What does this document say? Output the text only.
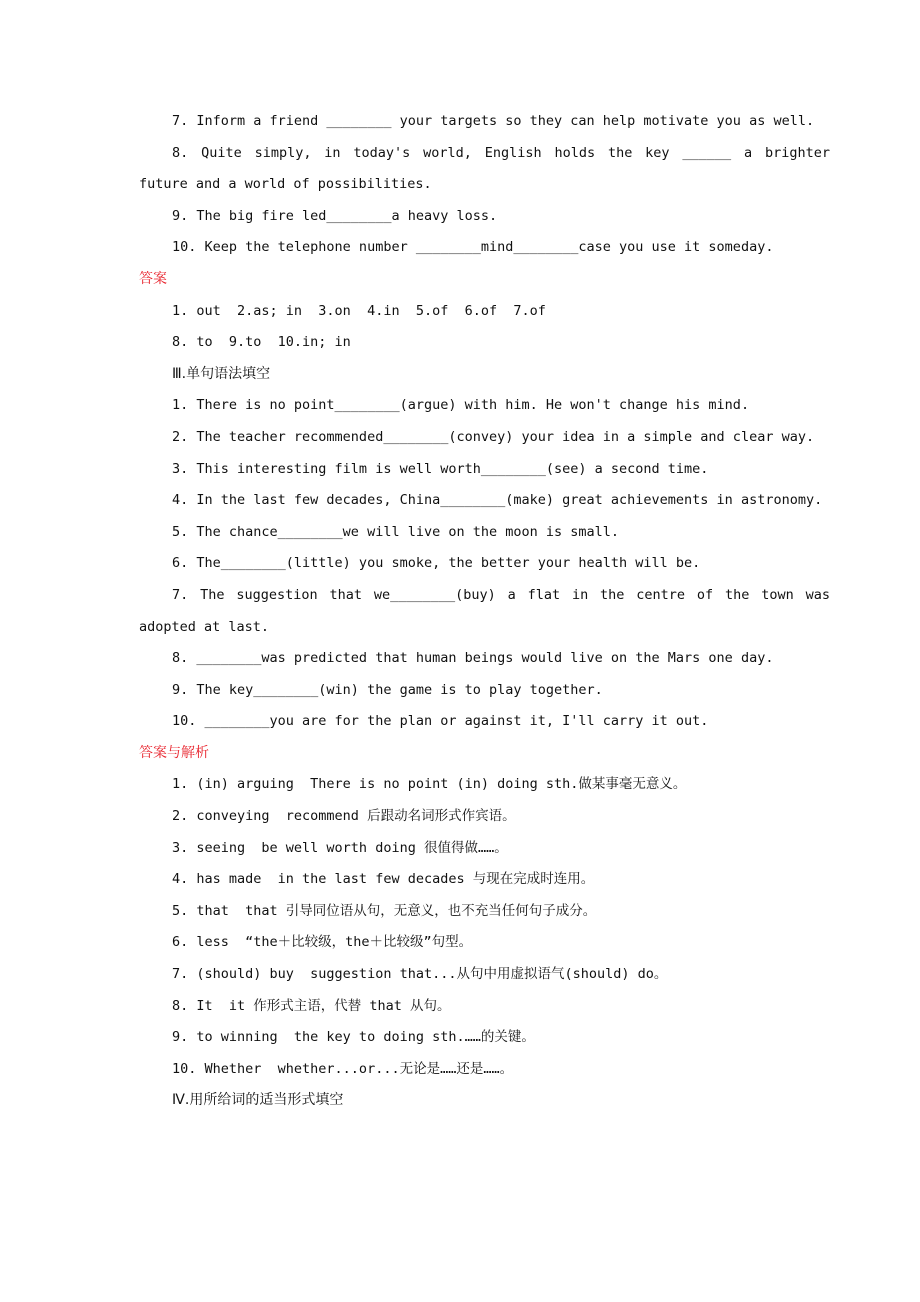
7. Inform a friend ________ your targets so they can help motivate you as well.

8. Quite simply, in today's world, English holds the key ______ a brighter future and a world of possibilities.

9. The big fire led________a heavy loss.

10. Keep the telephone number ________mind________case you use it someday.

答案

1. out  2.as; in  3.on  4.in  5.of  6.of  7.of

8. to  9.to  10.in; in

Ⅲ.单句语法填空

1. There is no point________(argue) with him. He won't change his mind.

2. The teacher recommended________(convey) your idea in a simple and clear way.

3. This interesting film is well worth________(see) a second time.

4. In the last few decades, China________(make) great achievements in astronomy.

5. The chance________we will live on the moon is small.

6. The________(little) you smoke, the better your health will be.

7. The suggestion that we________(buy) a flat in the centre of the town was adopted at last.

8. ________was predicted that human beings would live on the Mars one day.

9. The key________(win) the game is to play together.

10. ________you are for the plan or against it, I'll carry it out.

答案与解析

1. (in) arguing  There is no point (in) doing sth.做某事毫无意义。

2. conveying  recommend 后跟动名词形式作宾语。

3. seeing  be well worth doing 很值得做……。

4. has made  in the last few decades 与现在完成时连用。

5. that  that 引导同位语从句，无意义，也不充当任何句子成分。

6. less  “the＋比较级，the＋比较级”句型。

7. (should) buy  suggestion that...从句中用虚拟语气(should) do。

8. It  it 作形式主语，代替 that 从句。

9. to winning  the key to doing sth.……的关键。

10. Whether  whether...or...无论是……还是……。

Ⅳ.用所给词的适当形式填空
